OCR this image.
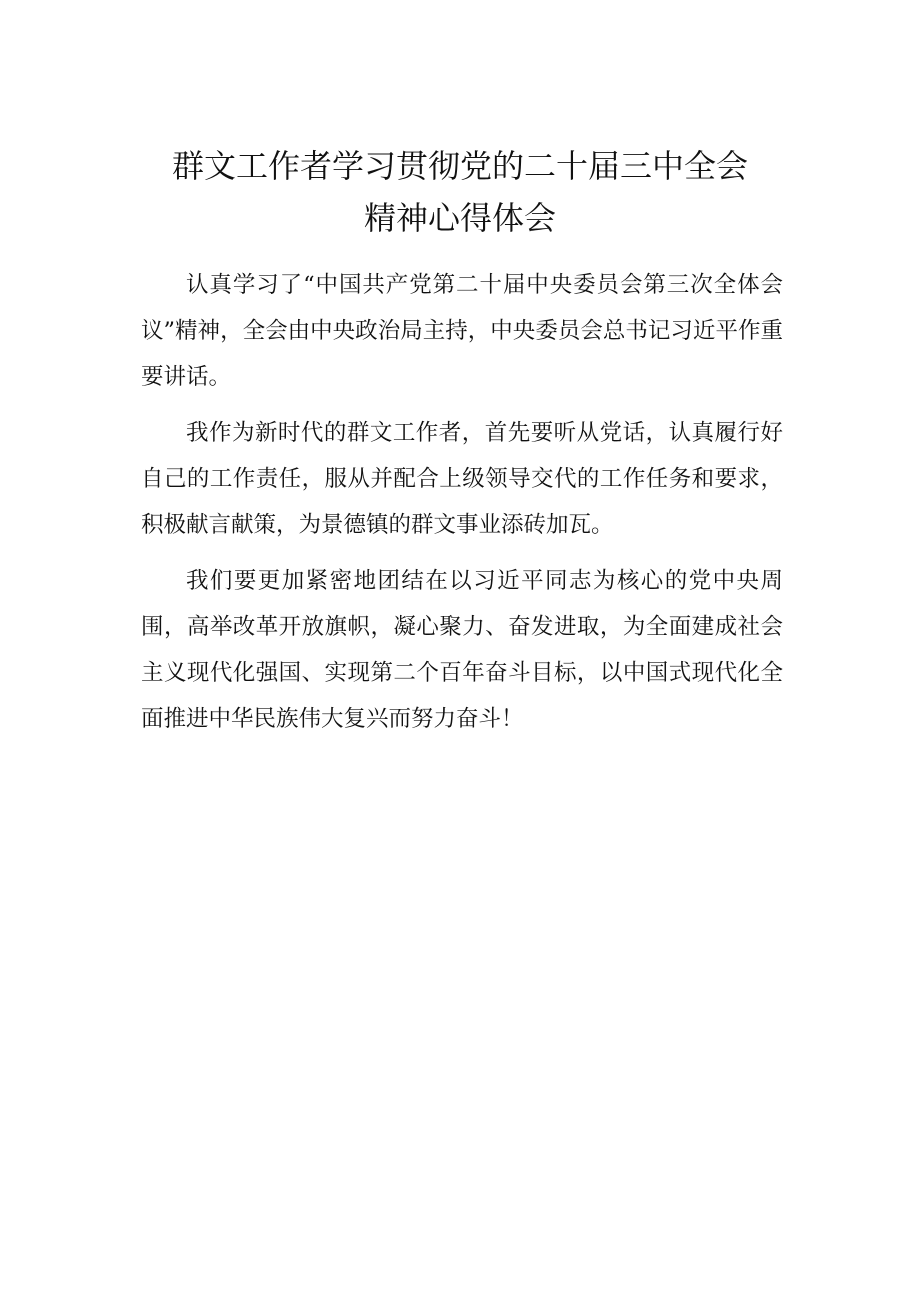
群文工作者学习贯彻党的二十届三中全会
精神心得体会

认真学习了“中国共产党第二十届中央委员会第三次全体会议”精神，全会由中央政治局主持，中央委员会总书记习近平作重要讲话。

我作为新时代的群文工作者，首先要听从党话，认真履行好自己的工作责任，服从并配合上级领导交代的工作任务和要求，积极献言献策，为景德镇的群文事业添砖加瓦。

我们要更加紧密地团结在以习近平同志为核心的党中央周围，高举改革开放旗帜，凝心聚力、奋发进取，为全面建成社会主义现代化强国、实现第二个百年奋斗目标，以中国式现代化全面推进中华民族伟大复兴而努力奋斗！
